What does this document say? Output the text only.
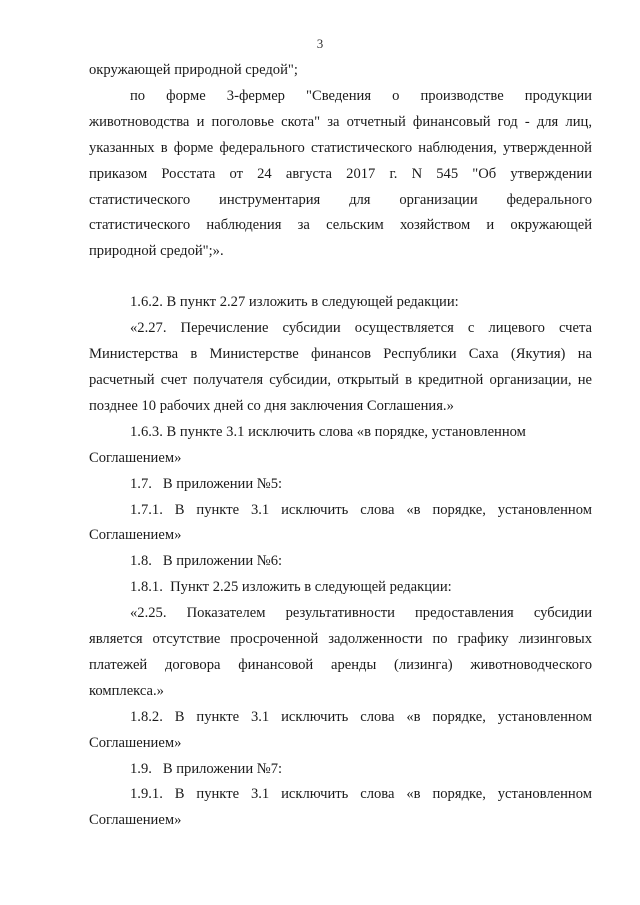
3
окружающей природной средой";
по форме 3-фермер "Сведения о производстве продукции
животноводства и поголовье скота" за отчетный финансовый год - для лиц,
указанных в форме федерального статистического наблюдения, утвержденной
приказом Росстата от 24 августа 2017 г. N 545 "Об утверждении
статистического инструментария для организации федерального
статистического наблюдения за сельским хозяйством и окружающей
природной средой";».
1.6.2. В пункт 2.27 изложить в следующей редакции:
«2.27. Перечисление субсидии осуществляется с лицевого счета
Министерства в Министерстве финансов Республики Саха (Якутия) на
расчетный счет получателя субсидии, открытый в кредитной организации, не
позднее 10 рабочих дней со дня заключения Соглашения.»
1.6.3. В пункте 3.1 исключить слова «в порядке, установленном
Соглашением»
1.7.   В приложении №5:
1.7.1. В пункте 3.1 исключить слова «в порядке, установленном
Соглашением»
1.8.   В приложении №6:
1.8.1.  Пункт 2.25 изложить в следующей редакции:
«2.25. Показателем результативности предоставления субсидии
является отсутствие просроченной задолженности по графику лизинговых
платежей договора финансовой аренды (лизинга) животноводческого
комплекса.»
1.8.2. В пункте 3.1 исключить слова «в порядке, установленном
Соглашением»
1.9.   В приложении №7:
1.9.1. В пункте 3.1 исключить слова «в порядке, установленном
Соглашением»
